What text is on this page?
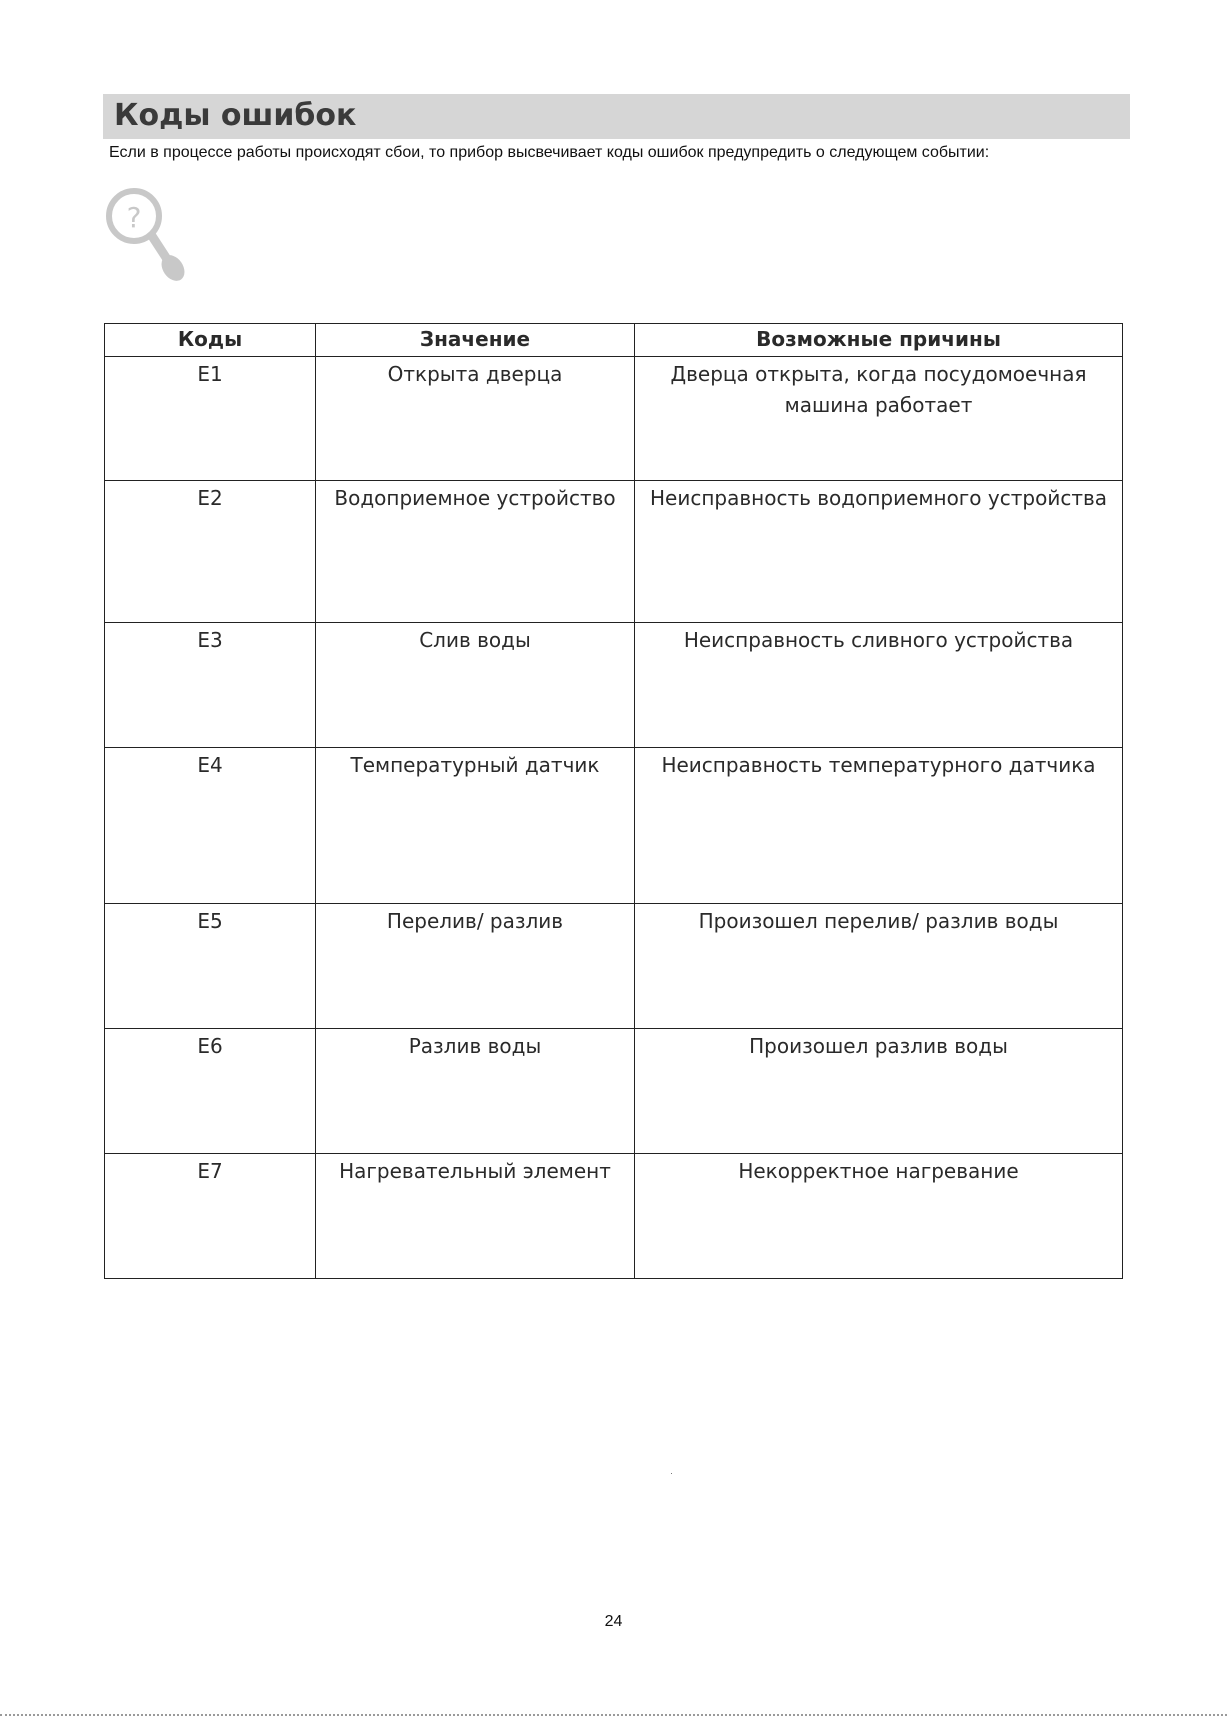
Коды ошибок
Если в процессе работы происходят сбои, то прибор высвечивает коды ошибок предупредить о следующем событии:
?
Коды	Значение	Возможные причины
E1	Открыта дверца	Дверца открыта, когда посудомоечная машина работает
E2	Водоприемное устройство	Неисправность водоприемного устройства
E3	Слив воды	Неисправность сливного устройства
E4	Температурный датчик	Неисправность температурного датчика
E5	Перелив/ разлив	Произошел перелив/ разлив воды
E6	Разлив воды	Произошел разлив воды
E7	Нагревательный элемент	Некорректное нагревание
24
